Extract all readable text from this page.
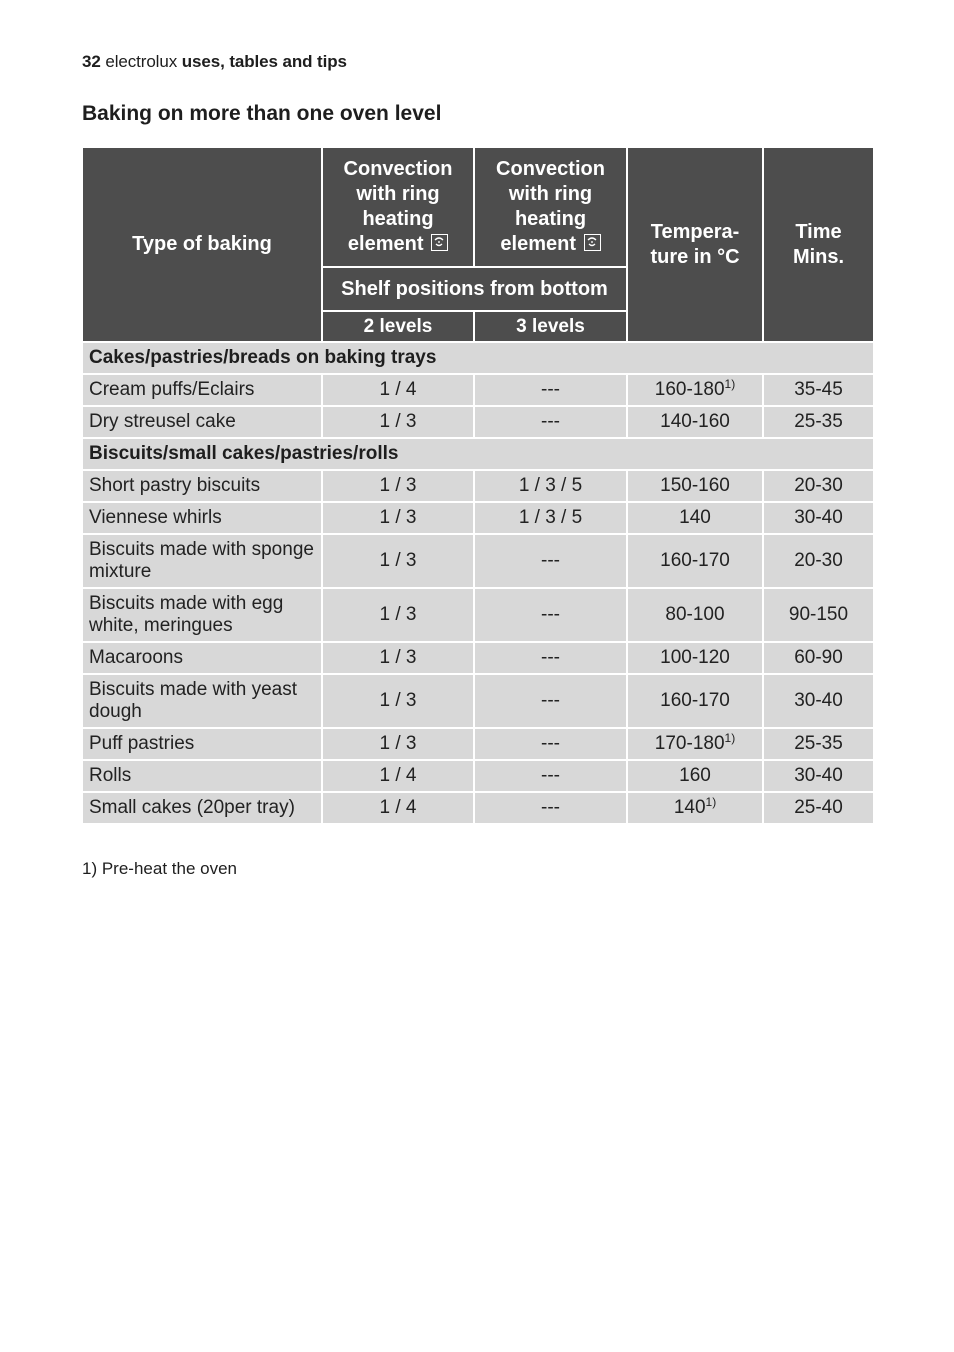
32 electrolux uses, tables and tips
Baking on more than one oven level
Type of baking	Convection with ring heating element	Convection with ring heating element	Tempera-ture in °C	Time Mins.
	Shelf positions from bottom			
	2 levels	3 levels		
Cakes/pastries/breads on baking trays				
Cream puffs/Eclairs	1 / 4	---	160-180$^{1)}$	35-45
Dry streusel cake	1 / 3	---	140-160	25-35
Biscuits/small cakes/pastries/rolls				
Short pastry biscuits	1 / 3	1 / 3 / 5	150-160	20-30
Viennese whirls	1 / 3	1 / 3 / 5	140	30-40
Biscuits made with sponge mixture	1 / 3	---	160-170	20-30
Biscuits made with egg white, meringues	1 / 3	---	80-100	90-150
Macaroons	1 / 3	---	100-120	60-90
Biscuits made with yeast dough	1 / 3	---	160-170	30-40
Puff pastries	1 / 3	---	170-180$^{1)}$	25-35
Rolls	1 / 4	---	160	30-40
Small cakes (20per tray)	1 / 4	---	140$^{1)}$	25-40
1) Pre-heat the oven
